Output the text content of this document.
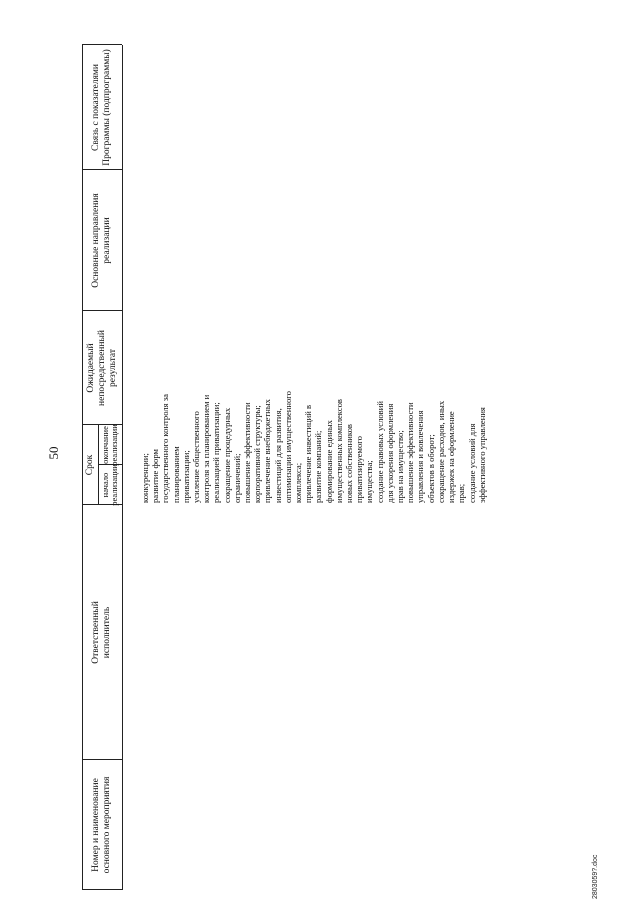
50
Номер и наименование основного мероприятия
Ответственный исполнитель
Срок
начало реализации
окончание реализации
Ожидаемый непосредственный результат
Основные направления реализации
Связь с показателями Программы (подпрограммы)
конкуренции; развитие форм государственного контроля за планированием приватизации; усиление общественного контроля за планированием и реализацией приватизации; сокращение процедурных ограничений; повышение эффективности корпоративной структуры; привлечение внебюджетных инвестиций для развития, оптимизации имущественного комплекса; привлечение инвестиций в развитие компаний; формирование единых имущественных комплексов новых собственников приватизируемого имущества; создание правовых условий для ускорения оформления прав на имущество; повышение эффективности управления и вовлечения объектов в оборот; сокращение расходов, иных издержек на оформление прав; создание условий для эффективного управления
2803059?.doc
